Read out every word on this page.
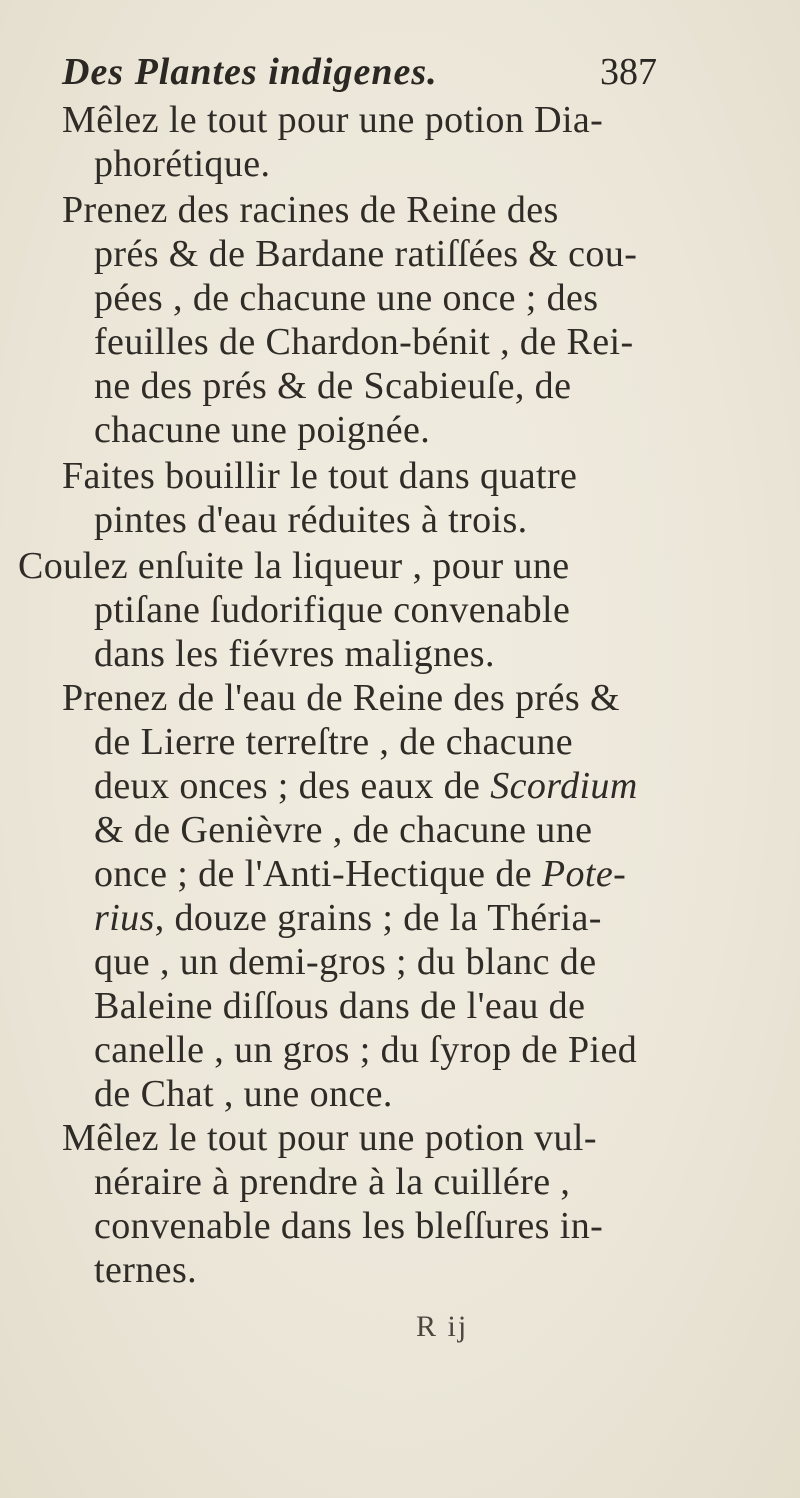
Des Plantes indigenes.	387
Mêlez le tout pour une potion Dia-
phorétique.
Prenez des racines de Reine des
prés & de Bardane ratiſſées & cou-
pées , de chacune une once ; des
feuilles de Chardon-bénit , de Rei-
ne des prés & de Scabieuſe, de
chacune une poignée.
Faites bouillir le tout dans quatre
pintes d'eau réduites à trois.
Coulez enſuite la liqueur , pour une
ptiſane ſudorifique convenable
dans les fiévres malignes.
Prenez de l'eau de Reine des prés &
de Lierre terreſtre , de chacune
deux onces ; des eaux de Scordium
& de Genièvre , de chacune une
once ; de l'Anti-Hectique de Pote-
rius, douze grains ; de la Théria-
que , un demi-gros ; du blanc de
Baleine diſſous dans de l'eau de
canelle , un gros ; du ſyrop de Pied
de Chat , une once.
Mêlez le tout pour une potion vul-
néraire à prendre à la cuillére ,
convenable dans les bleſſures in-
ternes.
R ij
